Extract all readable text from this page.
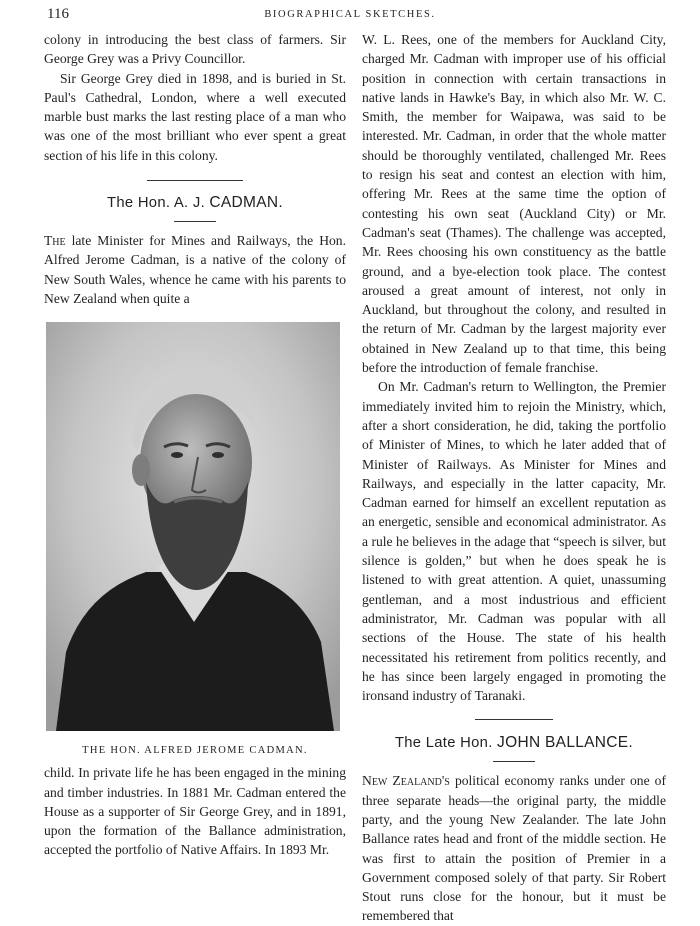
116	BIOGRAPHICAL SKETCHES.

colony in introducing the best class of farmers. Sir George Grey was a Privy Councillor.

Sir George Grey died in 1898, and is buried in St. Paul's Cathedral, London, where a well executed marble bust marks the last resting place of a man who was one of the most brilliant who ever spent a great section of his life in this colony.

The Hon. A. J. CADMAN.

The late Minister for Mines and Railways, the Hon. Alfred Jerome Cadman, is a native of the colony of New South Wales, whence he came with his parents to New Zealand when quite a

THE HON. ALFRED JEROME CADMAN.

child. In private life he has been engaged in the mining and timber industries. In 1881 Mr. Cadman entered the House as a supporter of Sir George Grey, and in 1891, upon the formation of the Ballance administration, accepted the portfolio of Native Affairs. In 1893 Mr.

W. L. Rees, one of the members for Auckland City, charged Mr. Cadman with improper use of his official position in connection with certain transactions in native lands in Hawke's Bay, in which also Mr. W. C. Smith, the member for Waipawa, was said to be interested. Mr. Cadman, in order that the whole matter should be thoroughly ventilated, challenged Mr. Rees to resign his seat and contest an election with him, offering Mr. Rees at the same time the option of contesting his own seat (Auckland City) or Mr. Cadman's seat (Thames). The challenge was accepted, Mr. Rees choosing his own constituency as the battle ground, and a bye-election took place. The contest aroused a great amount of interest, not only in Auckland, but throughout the colony, and resulted in the return of Mr. Cadman by the largest majority ever obtained in New Zealand up to that time, this being before the introduction of female franchise.

On Mr. Cadman's return to Wellington, the Premier immediately invited him to rejoin the Ministry, which, after a short consideration, he did, taking the portfolio of Minister of Mines, to which he later added that of Minister of Railways. As Minister for Mines and Railways, and especially in the latter capacity, Mr. Cadman earned for himself an excellent reputation as an energetic, sensible and economical administrator. As a rule he believes in the adage that “speech is silver, but silence is golden,” but when he does speak he is listened to with great attention. A quiet, unassuming gentleman, and a most industrious and efficient administrator, Mr. Cadman was popular with all sections of the House. The state of his health necessitated his retirement from politics recently, and he has since been largely engaged in promoting the ironsand industry of Taranaki.

The Late Hon. JOHN BALLANCE.

New Zealand's political economy ranks under one of three separate heads—the original party, the middle party, and the young New Zealander. The late John Ballance rates head and front of the middle section. He was first to attain the position of Premier in a Government composed solely of that party. Sir Robert Stout runs close for the honour, but it must be remembered that
